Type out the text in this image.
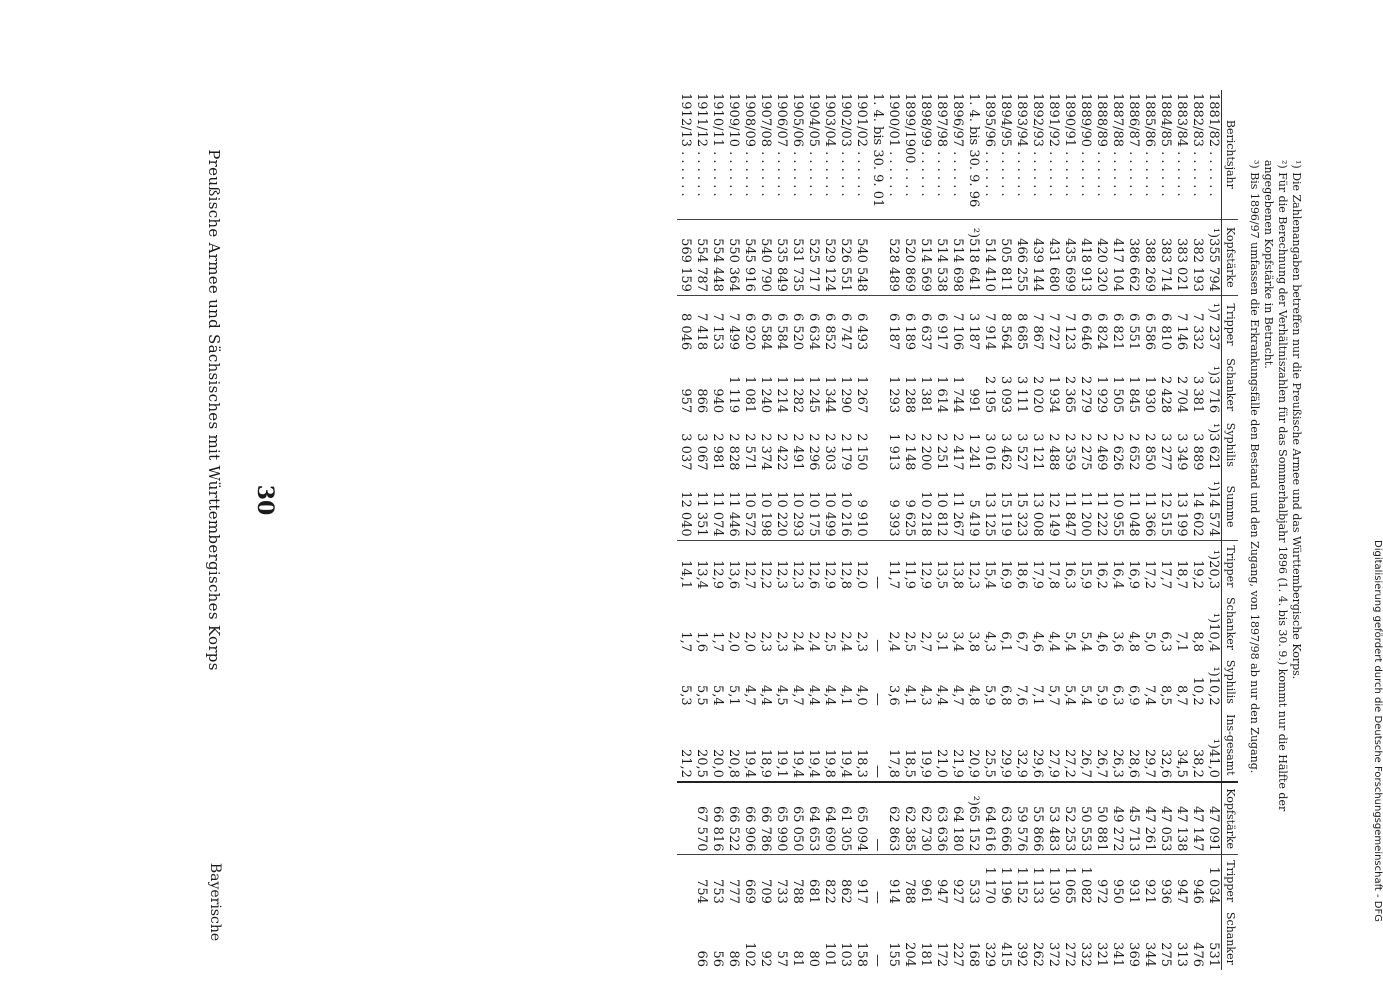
30
Preußische Armee und Sächsisches mit Württembergisches Korps
Bayerische
Berichtsjahr	Kopfstärke	Tripper	Schanker	Syphilis	Summe	Tripper	Schanker	Syphilis	Ins-gesamt	Kopfstärke	Tripper	Schanker
1881/82 . . . . . .	¹)355 794	¹)7 237	¹)3 716	¹)3 621	¹)14 574	¹)20,3	¹)10,4	¹)10,2	¹)41,0	47 091	1 034	531
1882/83 . . . . . .	382 193	7 332	3 381	3 889	14 602	19,2	8,8	10,2	38,2	47 147	946	476
1883/84 . . . . . .	383 021	7 146	2 704	3 349	13 199	18,7	7,1	8,7	34,5	47 138	947	313
1884/85 . . . . . .	383 714	6 810	2 428	3 277	12 515	17,7	6,3	8,5	32,6	47 053	936	275
1885/86 . . . . . .	388 269	6 586	1 930	2 850	11 366	17,2	5,0	7,4	29,7	47 261	921	344
1886/87 . . . . . .	386 662	6 551	1 845	2 652	11 048	16,9	4,8	6,9	28,6	45 713	931	369
1887/88 . . . . . .	417 104	6 821	1 505	2 626	10 955	16,4	3,6	6,3	26,3	49 272	950	341
1888/89 . . . . . .	420 320	6 824	1 929	2 469	11 222	16,2	4,6	5,9	26,7	50 881	972	321
1889/90 . . . . . .	418 913	6 646	2 279	2 275	11 200	15,9	5,4	5,4	26,7	50 553	1 082	332
1890/91 . . . . . .	435 699	7 123	2 365	2 359	11 847	16,3	5,4	5,4	27,2	52 253	1 065	272
1891/92 . . . . . .	431 680	7 727	1 934	2 488	12 149	17,8	4,4	5,7	27,9	53 483	1 130	372
1892/93 . . . . . .	439 144	7 867	2 020	3 121	13 008	17,9	4,6	7,1	29,6	55 866	1 133	262
1893/94 . . . . . .	466 255	8 685	3 111	3 527	15 323	18,6	6,7	7,6	32,9	59 576	1 152	392
1894/95 . . . . . .	505 811	8 564	3 093	3 462	15 119	16,9	6,1	6,8	29,9	63 666	1 196	415
1895/96 . . . . . .	514 410	7 914	2 195	3 016	13 125	15,4	4,3	5,9	25,5	64 616	1 170	329
1. 4. bis 30. 9. 96	²)518 641	3 187	991	1 241	5 419	12,3	3,8	4,8	20,9	²)65 152	533	168
1896/97 . . . . . .	514 698	7 106	1 744	2 417	11 267	13,8	3,4	4,7	21,9	64 180	927	227
1897/98 . . . . . .	514 538	6 917	1 614	2 251	10 812	13,5	3,1	4,4	21,0	63 636	947	172
1898/99 . . . . . .	514 569	6 637	1 381	2 200	10 218	12,9	2,7	4,3	19,9	62 730	961	181
1899/1900 . . . .	520 869	6 189	1 288	2 148	9 625	11,9	2,5	4,1	18,5	62 385	788	204
1900/01 . . . . . .	528 489	6 187	1 293	1 913	9 393	11,7	2,4	3,6	17,8	62 863	914	155
1. 4. bis 30. 9. 01						—	—	—	—	—	—	—
1901/02 . . . . . .	540 548	6 493	1 267	2 150	9 910	12,0	2,3	4,0	18,3	65 094	917	158
1902/03 . . . . . .	526 551	6 747	1 290	2 179	10 216	12,8	2,4	4,1	19,4	61 305	862	103
1903/04 . . . . . .	529 124	6 852	1 344	2 303	10 499	12,9	2,5	4,4	19,8	64 690	822	101
1904/05 . . . . . .	525 717	6 634	1 245	2 296	10 175	12,6	2,4	4,4	19,4	64 653	681	80
1905/06 . . . . . .	531 735	6 520	1 282	2 491	10 293	12,3	2,4	4,7	19,4	65 050	788	81
1906/07 . . . . . .	535 849	6 584	1 214	2 422	10 220	12,3	2,3	4,5	19,1	65 990	733	57
1907/08 . . . . . .	540 790	6 584	1 240	2 374	10 198	12,2	2,3	4,4	18,9	66 786	709	92
1908/09 . . . . . .	545 916	6 920	1 081	2 571	10 572	12,7	2,0	4,7	19,4	66 906	669	102
1909/10 . . . . . .	550 364	7 499	1 119	2 828	11 446	13,6	2,0	5,1	20,8	66 522	777	86
1910/11 . . . . . .	554 448	7 153	940	2 981	11 074	12,9	1,7	5,4	20,0	66 816	753	56
1911/12 . . . . . .	554 787	7 418	866	3 067	11 351	13,4	1,6	5,5	20,5	67 570	754	66
1912/13 . . . . . .	569 159	8 046	957	3 037	12 040	14,1	1,7	5,3	21,2			
¹) Die Zahlenangaben betreffen nur die Preußische Armee und das Württembergische Korps.
²) Für die Berechnung der Verhältniszahlen für das Sommerhalbjahr 1896 (1. 4. bis 30. 9.) kommt nur die Hälfte der angegebenen Kopfstärke in Betracht.
³) Bis 1896/97 umfassen die Erkrankungsfälle den Bestand und den Zugang, von 1897/98 ab nur den Zugang.	Digitalisierung gefördert durch die Deutsche Forschungsgemeinschaft - DFG
